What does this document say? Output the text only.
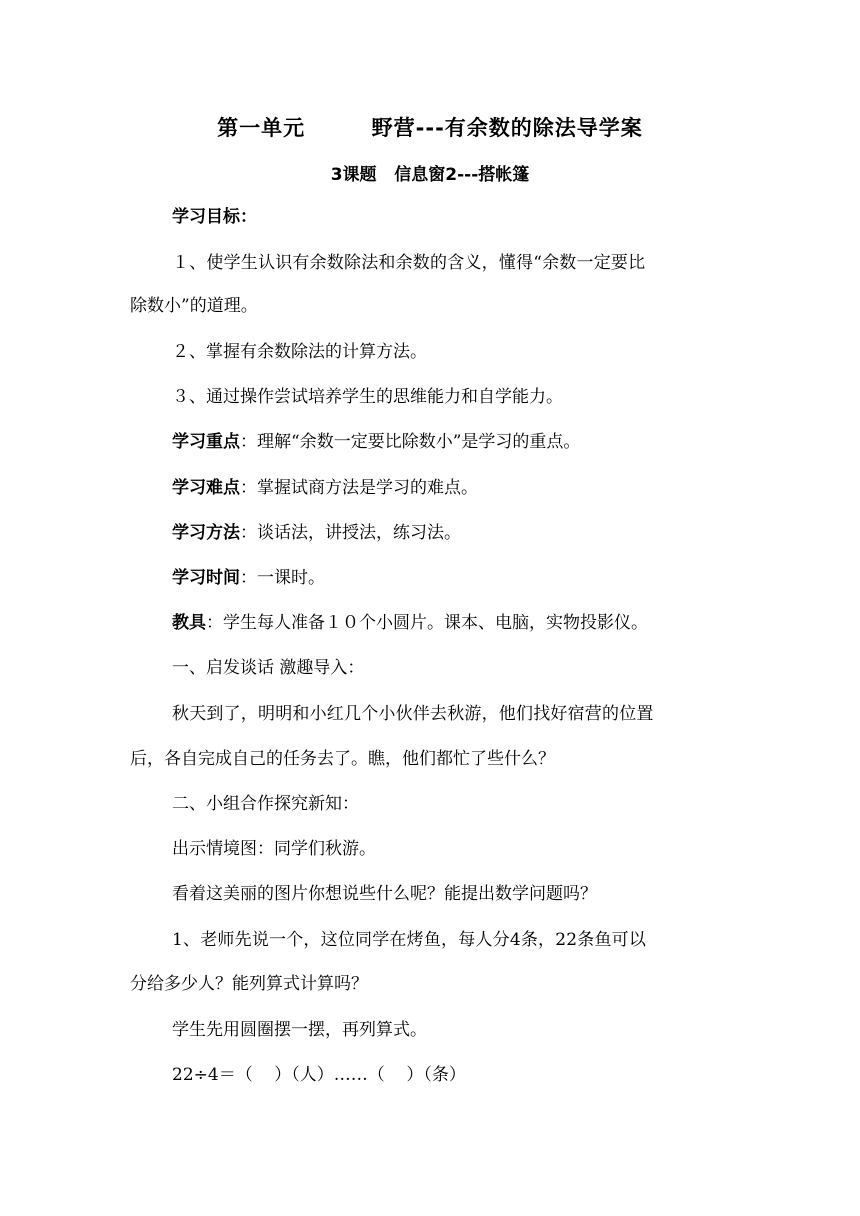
第一单元        野营---有余数的除法导学案
3课题   信息窗2---搭帐篷
学习目标：
１、使学生认识有余数除法和余数的含义，懂得“余数一定要比
除数小”的道理。
２、掌握有余数除法的计算方法。
３、通过操作尝试培养学生的思维能力和自学能力。
学习重点：理解“余数一定要比除数小”是学习的重点。
学习难点：掌握试商方法是学习的难点。
学习方法：谈话法，讲授法，练习法。
学习时间：一课时。
教具：学生每人准备１０个小圆片。课本、电脑，实物投影仪。
一、启发谈话 激趣导入：
秋天到了，明明和小红几个小伙伴去秋游，他们找好宿营的位置
后，各自完成自己的任务去了。瞧，他们都忙了些什么？
二、小组合作探究新知：
出示情境图：同学们秋游。
看着这美丽的图片你想说些什么呢？能提出数学问题吗？
1、老师先说一个，这位同学在烤鱼，每人分4条，22条鱼可以
分给多少人？能列算式计算吗？
学生先用圆圈摆一摆，再列算式。
22÷4＝（    ）（人）……（    ）（条）
